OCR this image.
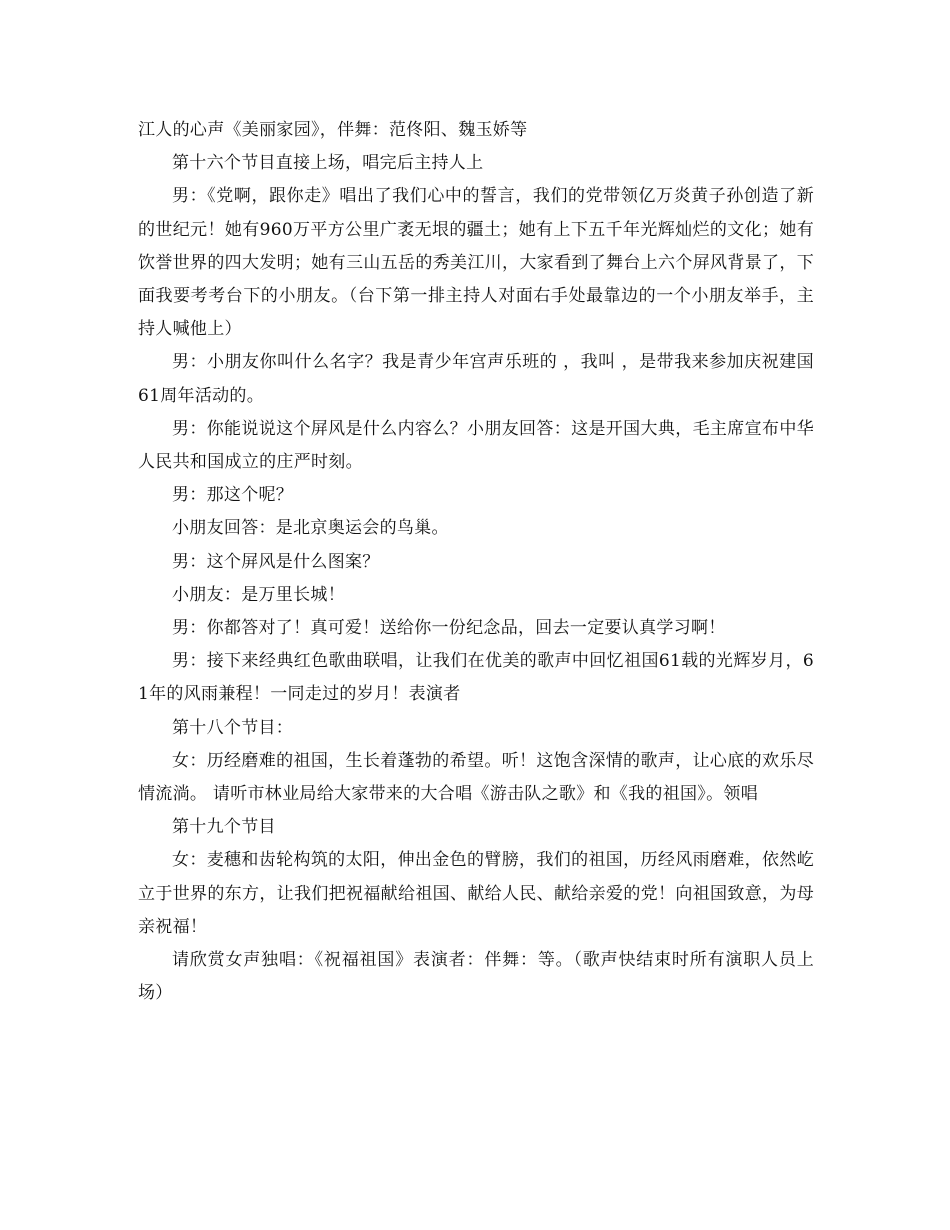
江人的心声《美丽家园》，伴舞：范佟阳、魏玉娇等

第十六个节目直接上场，唱完后主持人上

男：《党啊，跟你走》唱出了我们心中的誓言，我们的党带领亿万炎黄子孙创造了新的世纪元！她有960万平方公里广袤无垠的疆土；她有上下五千年光辉灿烂的文化；她有饮誉世界的四大发明；她有三山五岳的秀美江川，大家看到了舞台上六个屏风背景了，下面我要考考台下的小朋友。（台下第一排主持人对面右手处最靠边的一个小朋友举手，主持人喊他上）

男：小朋友你叫什么名字？我是青少年宫声乐班的 ，我叫 ，是带我来参加庆祝建国61周年活动的。

男：你能说说这个屏风是什么内容么？小朋友回答：这是开国大典，毛主席宣布中华人民共和国成立的庄严时刻。

男：那这个呢？

小朋友回答：是北京奥运会的鸟巢。

男：这个屏风是什么图案？

小朋友：是万里长城！

男：你都答对了！真可爱！送给你一份纪念品，回去一定要认真学习啊！

男：接下来经典红色歌曲联唱，让我们在优美的歌声中回忆祖国61载的光辉岁月，61年的风雨兼程！一同走过的岁月！表演者

第十八个节目：

女：历经磨难的祖国，生长着蓬勃的希望。听！这饱含深情的歌声，让心底的欢乐尽情流淌。 请听市林业局给大家带来的大合唱《游击队之歌》和《我的祖国》。领唱

第十九个节目

女：麦穗和齿轮构筑的太阳，伸出金色的臂膀，我们的祖国，历经风雨磨难，依然屹立于世界的东方，让我们把祝福献给祖国、献给人民、献给亲爱的党！向祖国致意，为母亲祝福！

请欣赏女声独唱：《祝福祖国》表演者：伴舞：等。（歌声快结束时所有演职人员上场）
